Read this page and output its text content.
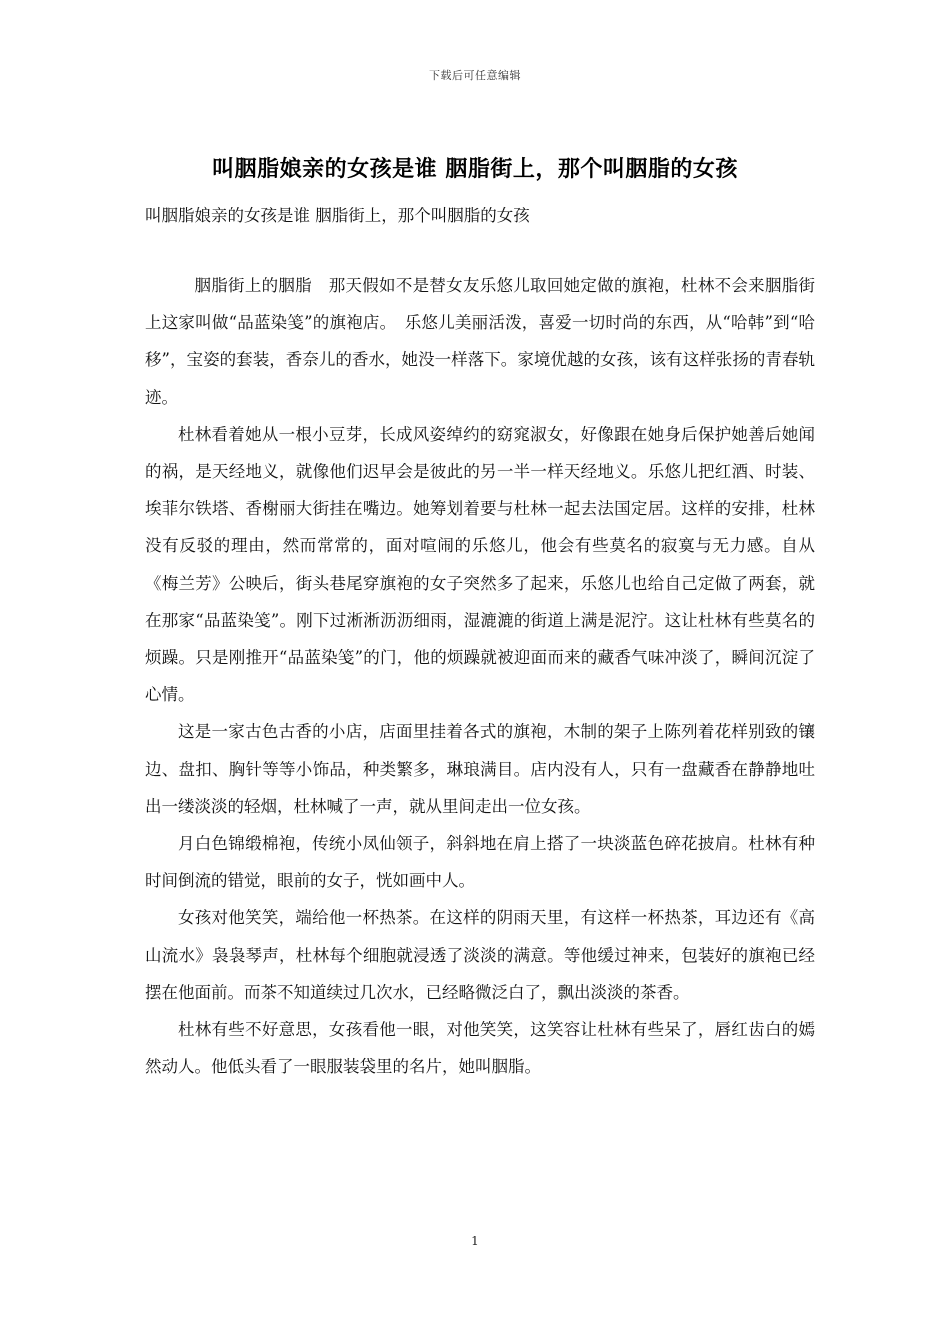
下载后可任意编辑
叫胭脂娘亲的女孩是谁 胭脂街上，那个叫胭脂的女孩

叫胭脂娘亲的女孩是谁 胭脂街上，那个叫胭脂的女孩

胭脂街上的胭脂　那天假如不是替女友乐悠儿取回她定做的旗袍，杜林不会来胭脂街上这家叫做“品蓝染笺”的旗袍店。　乐悠儿美丽活泼，喜爱一切时尚的东西，从“哈韩”到“哈移”，宝姿的套装，香奈儿的香水，她没一样落下。家境优越的女孩，该有这样张扬的青春轨迹。

杜林看着她从一根小豆芽，长成风姿绰约的窈窕淑女，好像跟在她身后保护她善后她闻的祸，是天经地义，就像他们迟早会是彼此的另一半一样天经地义。乐悠儿把红酒、时装、埃菲尔铁塔、香榭丽大街挂在嘴边。她筹划着要与杜林一起去法国定居。这样的安排，杜林没有反驳的理由，然而常常的，面对喧闹的乐悠儿，他会有些莫名的寂寞与无力感。自从《梅兰芳》公映后，街头巷尾穿旗袍的女子突然多了起来，乐悠儿也给自己定做了两套，就在那家“品蓝染笺”。刚下过淅淅沥沥细雨，湿漉漉的街道上满是泥泞。这让杜林有些莫名的烦躁。只是刚推开“品蓝染笺”的门，他的烦躁就被迎面而来的藏香气味冲淡了，瞬间沉淀了心情。

这是一家古色古香的小店，店面里挂着各式的旗袍，木制的架子上陈列着花样别致的镶边、盘扣、胸针等等小饰品，种类繁多，琳琅满目。店内没有人，只有一盘藏香在静静地吐出一缕淡淡的轻烟，杜林喊了一声，就从里间走出一位女孩。

月白色锦缎棉袍，传统小凤仙领子，斜斜地在肩上搭了一块淡蓝色碎花披肩。杜林有种时间倒流的错觉，眼前的女子，恍如画中人。

女孩对他笑笑，端给他一杯热茶。在这样的阴雨天里，有这样一杯热茶，耳边还有《高山流水》袅袅琴声，杜林每个细胞就浸透了淡淡的满意。等他缓过神来，包装好的旗袍已经摆在他面前。而茶不知道续过几次水，已经略微泛白了，飘出淡淡的茶香。

杜林有些不好意思，女孩看他一眼，对他笑笑，这笑容让杜林有些呆了，唇红齿白的嫣然动人。他低头看了一眼服装袋里的名片，她叫胭脂。

1
